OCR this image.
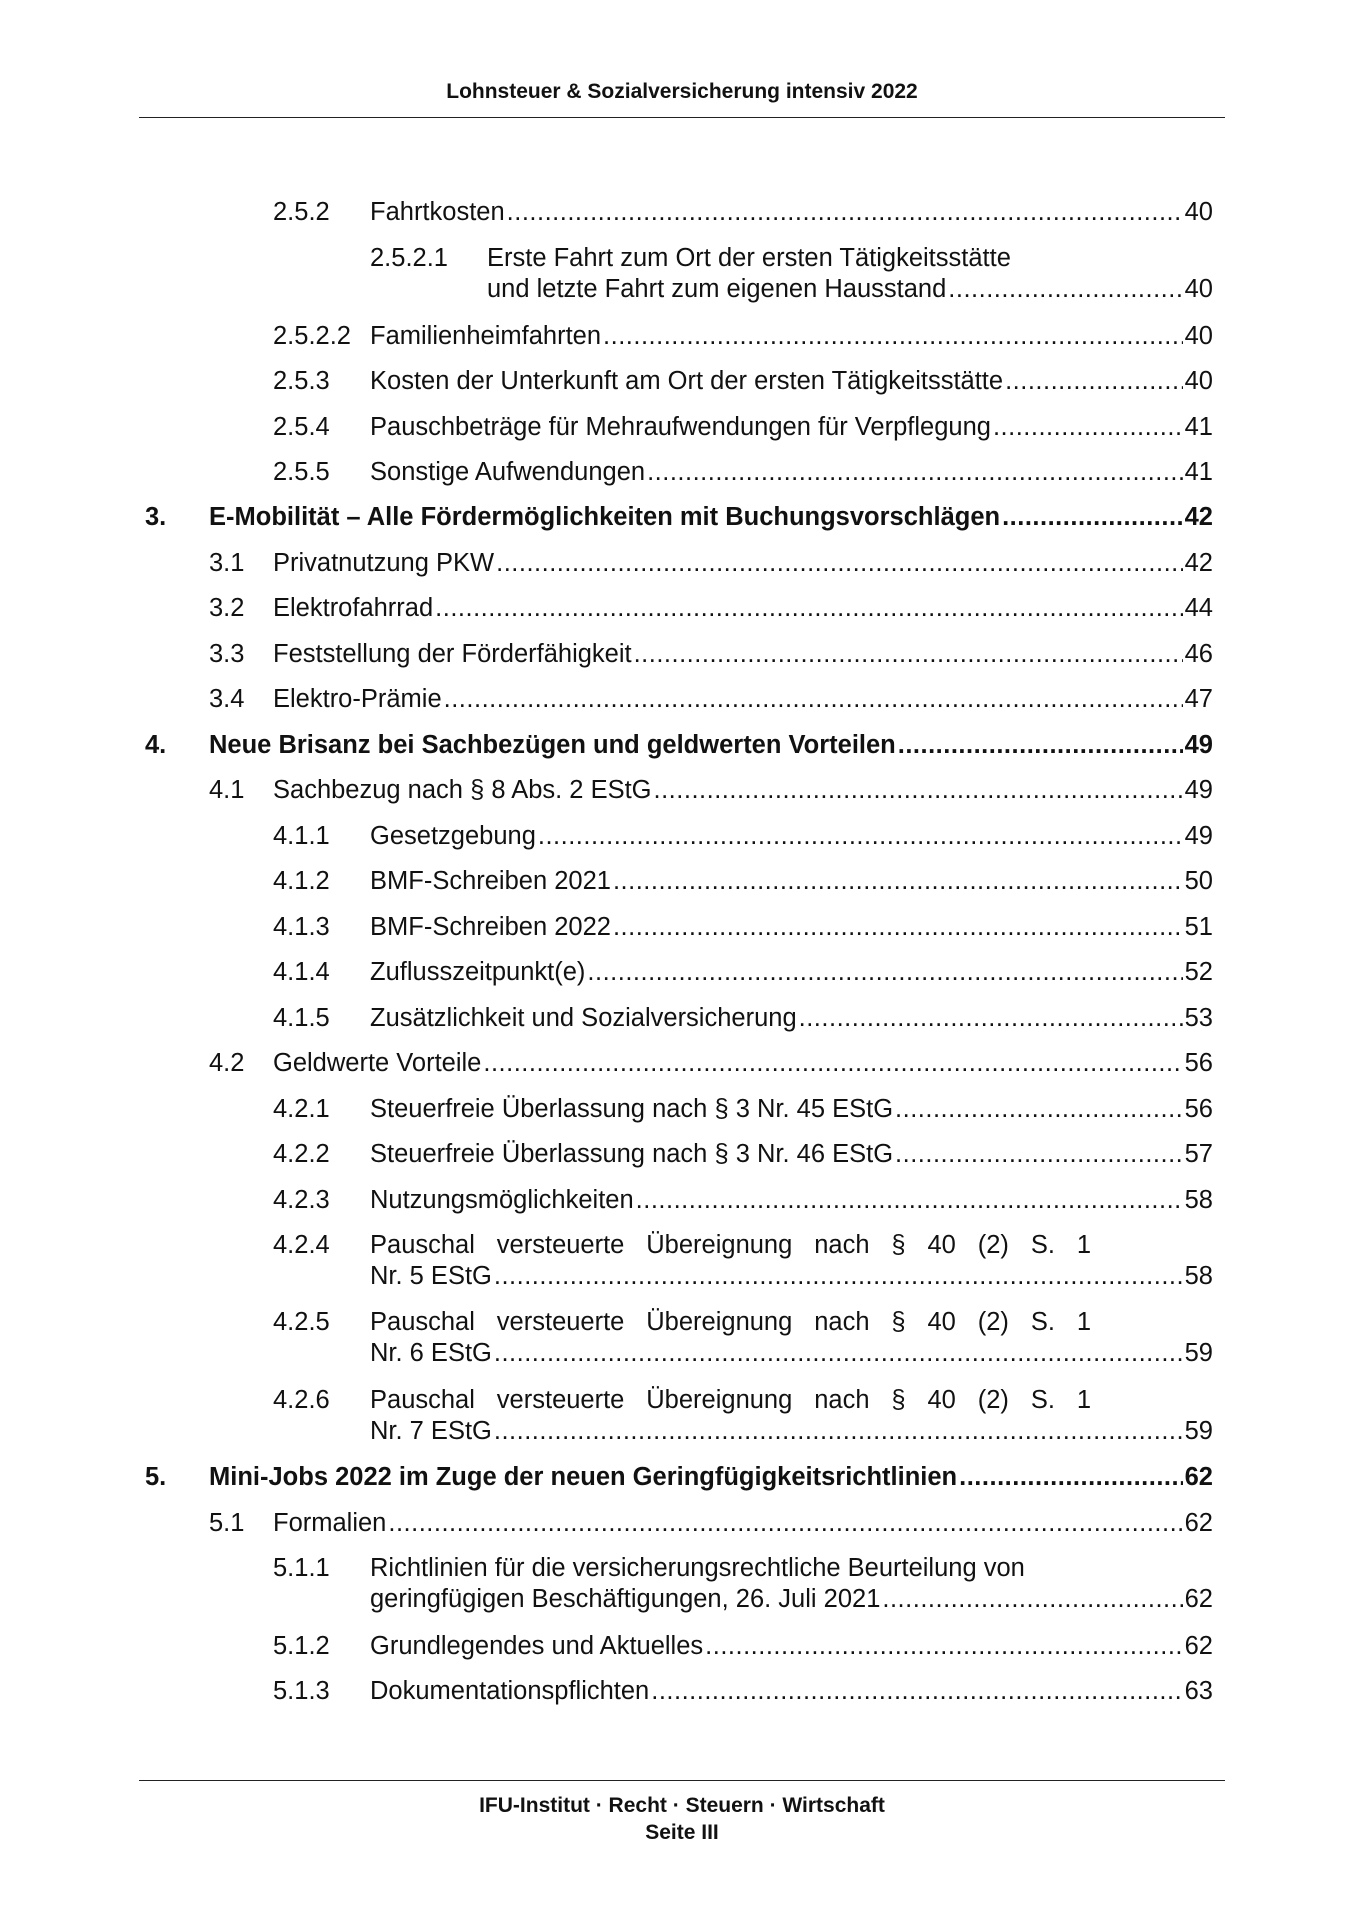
Lohnsteuer & Sozialversicherung intensiv 2022
2.5.2 Fahrtkosten .....	40
2.5.2.1 Erste Fahrt zum Ort der ersten Tätigkeitsstätte
und letzte Fahrt zum eigenen Hausstand .....	40
2.5.2.2 Familienheimfahrten .....	40
2.5.3 Kosten der Unterkunft am Ort der ersten Tätigkeitsstätte .....	40
2.5.4 Pauschbeträge für Mehraufwendungen für Verpflegung .....	41
2.5.5 Sonstige Aufwendungen .....	41
3. E-Mobilität – Alle Fördermöglichkeiten mit Buchungsvorschlägen .....	42
3.1 Privatnutzung PKW .....	42
3.2 Elektrofahrrad .....	44
3.3 Feststellung der Förderfähigkeit .....	46
3.4 Elektro-Prämie .....	47
4. Neue Brisanz bei Sachbezügen und geldwerten Vorteilen .....	49
4.1 Sachbezug nach § 8 Abs. 2 EStG .....	49
4.1.1 Gesetzgebung .....	49
4.1.2 BMF-Schreiben 2021 .....	50
4.1.3 BMF-Schreiben 2022 .....	51
4.1.4 Zuflusszeitpunkt(e) .....	52
4.1.5 Zusätzlichkeit und Sozialversicherung .....	53
4.2 Geldwerte Vorteile .....	56
4.2.1 Steuerfreie Überlassung nach § 3 Nr. 45 EStG .....	56
4.2.2 Steuerfreie Überlassung nach § 3 Nr. 46 EStG .....	57
4.2.3 Nutzungsmöglichkeiten .....	58
4.2.4 Pauschal versteuerte Übereignung nach § 40 (2) S. 1
Nr. 5 EStG .....	58
4.2.5 Pauschal versteuerte Übereignung nach § 40 (2) S. 1
Nr. 6 EStG .....	59
4.2.6 Pauschal versteuerte Übereignung nach § 40 (2) S. 1
Nr. 7 EStG .....	59
5. Mini-Jobs 2022 im Zuge der neuen Geringfügigkeitsrichtlinien .....	62
5.1 Formalien .....	62
5.1.1 Richtlinien für die versicherungsrechtliche Beurteilung von
geringfügigen Beschäftigungen, 26. Juli 2021 .....	62
5.1.2 Grundlegendes und Aktuelles .....	62
5.1.3 Dokumentationspflichten .....	63
IFU-Institut · Recht · Steuern · Wirtschaft
Seite III
